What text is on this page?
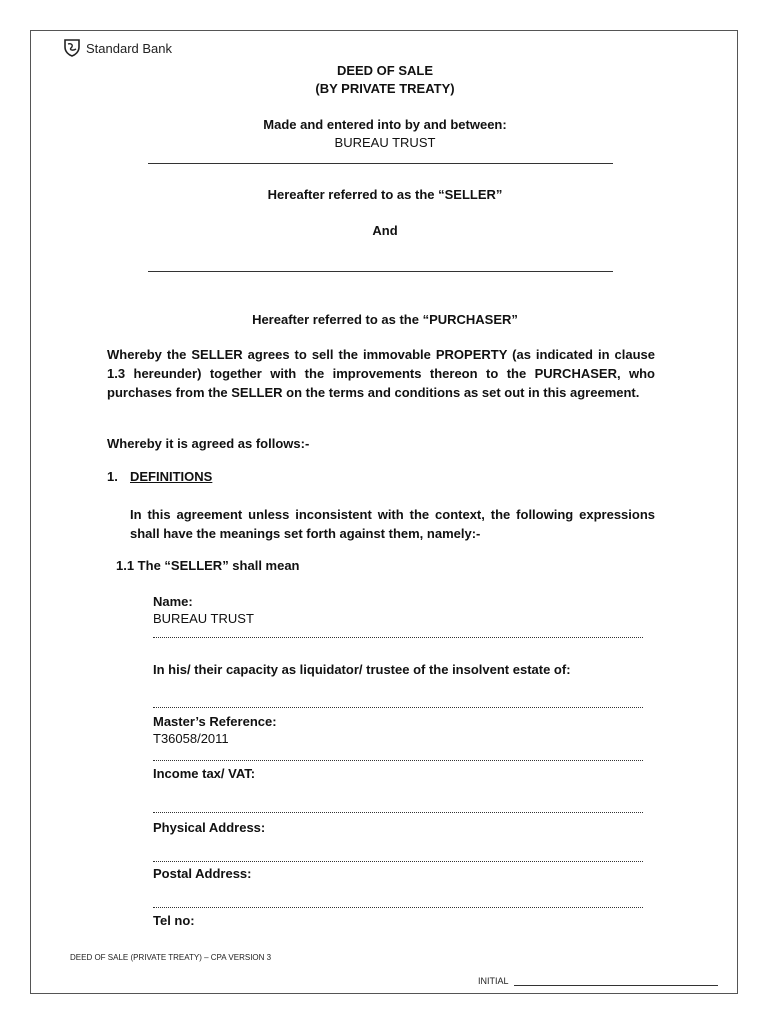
Standard Bank
DEED OF SALE
(BY PRIVATE TREATY)
Made and entered into by and between:
BUREAU TRUST
Hereafter referred to as the “SELLER”
And
Hereafter referred to as the “PURCHASER”
Whereby the SELLER agrees to sell the immovable PROPERTY (as indicated in clause 1.3 hereunder) together with the improvements thereon to the PURCHASER, who purchases from the SELLER on the terms and conditions as set out in this agreement.
Whereby it is agreed as follows:-
1. DEFINITIONS
In this agreement unless inconsistent with the context, the following expressions shall have the meanings set forth against them, namely:-
1.1 The “SELLER” shall mean
Name:
BUREAU TRUST
In his/ their capacity as liquidator/ trustee of the insolvent estate of:
Master’s Reference:
T36058/2011
Income tax/ VAT:
Physical Address:
Postal Address:
Tel no:
DEED OF SALE (PRIVATE TREATY) – CPA VERSION 3
INITIAL
